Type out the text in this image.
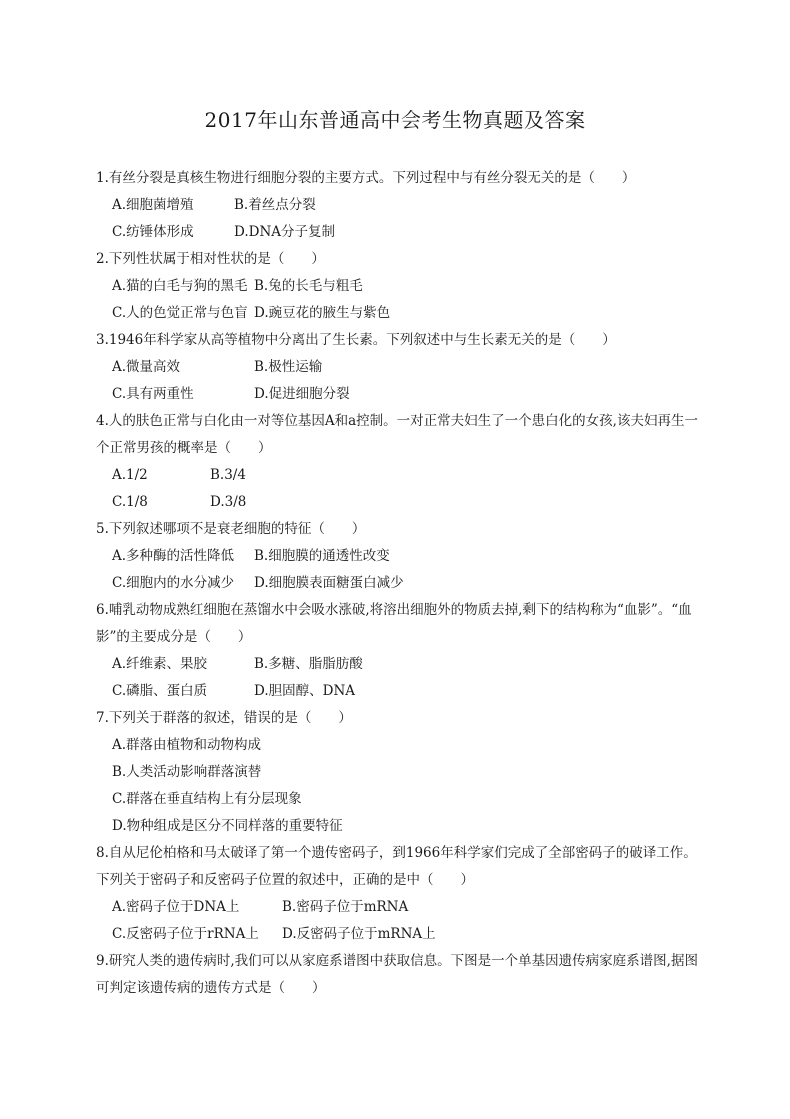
2017年山东普通高中会考生物真题及答案
1.有丝分裂是真核生物进行细胞分裂的主要方式。下列过程中与有丝分裂无关的是（　　）
A.细胞菌增殖	B.着丝点分裂
C.纺锤体形成	D.DNA分子复制
2.下列性状属于相对性状的是（　　）
A.猫的白毛与狗的黑毛 B.兔的长毛与粗毛
C.人的色觉正常与色盲 D.豌豆花的腋生与紫色
3.1946年科学家从高等植物中分离出了生长素。下列叙述中与生长素无关的是（　　）
A.微量高效	B.极性运输
C.具有两重性	D.促进细胞分裂
4.人的肤色正常与白化由一对等位基因A和a控制。一对正常夫妇生了一个患白化的女孩,该夫妇再生一个正常男孩的概率是（　　）
A.1/2	B.3/4
C.1/8	D.3/8
5.下列叙述哪项不是衰老细胞的特征（　　）
A.多种酶的活性降低 B.细胞膜的通透性改变
C.细胞内的水分减少 D.细胞膜表面糖蛋白减少
6.哺乳动物成熟红细胞在蒸馏水中会吸水涨破,将溶出细胞外的物质去掉,剩下的结构称为“血影”。“血影”的主要成分是（　　）
A.纤维素、果胶	B.多糖、脂脂肪酸
C.磷脂、蛋白质	D.胆固醇、DNA
7.下列关于群落的叙述，错误的是（　　）
A.群落由植物和动物构成
B.人类活动影响群落演替
C.群落在垂直结构上有分层现象
D.物种组成是区分不同样落的重要特征
8.自从尼伦柏格和马太破译了第一个遗传密码子，到1966年科学家们完成了全部密码子的破译工作。下列关于密码子和反密码子位置的叙述中，正确的是中（　　）
A.密码子位于DNA上	B.密码子位于mRNA
C.反密码子位于rRNA上 D.反密码子位于mRNA上
9.研究人类的遗传病时,我们可以从家庭系谱图中获取信息。下图是一个单基因遗传病家庭系谱图,据图可判定该遗传病的遗传方式是（　　）
